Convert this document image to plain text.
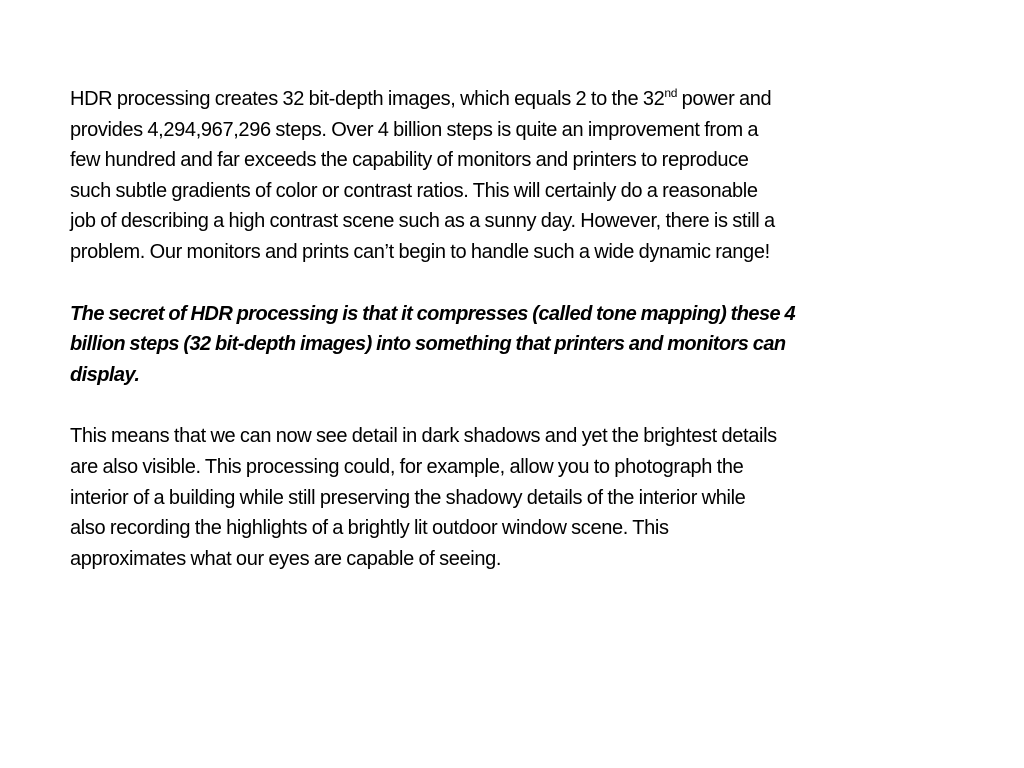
HDR processing creates 32 bit-depth images, which equals 2 to the 32nd power and
provides 4,294,967,296 steps. Over 4 billion steps is quite an improvement from a
few hundred and far exceeds the capability of monitors and printers to reproduce
such subtle gradients of color or contrast ratios. This will certainly do a reasonable
job of describing a high contrast scene such as a sunny day. However, there is still a
problem. Our monitors and prints can’t begin to handle such a wide dynamic range!

The secret of HDR processing is that it compresses (called tone mapping) these 4
billion steps (32 bit-depth images) into something that printers and monitors can
display.

This means that we can now see detail in dark shadows and yet the brightest details
are also visible. This processing could, for example, allow you to photograph the
interior of a building while still preserving the shadowy details of the interior while
also recording the highlights of a brightly lit outdoor window scene. This
approximates what our eyes are capable of seeing.
